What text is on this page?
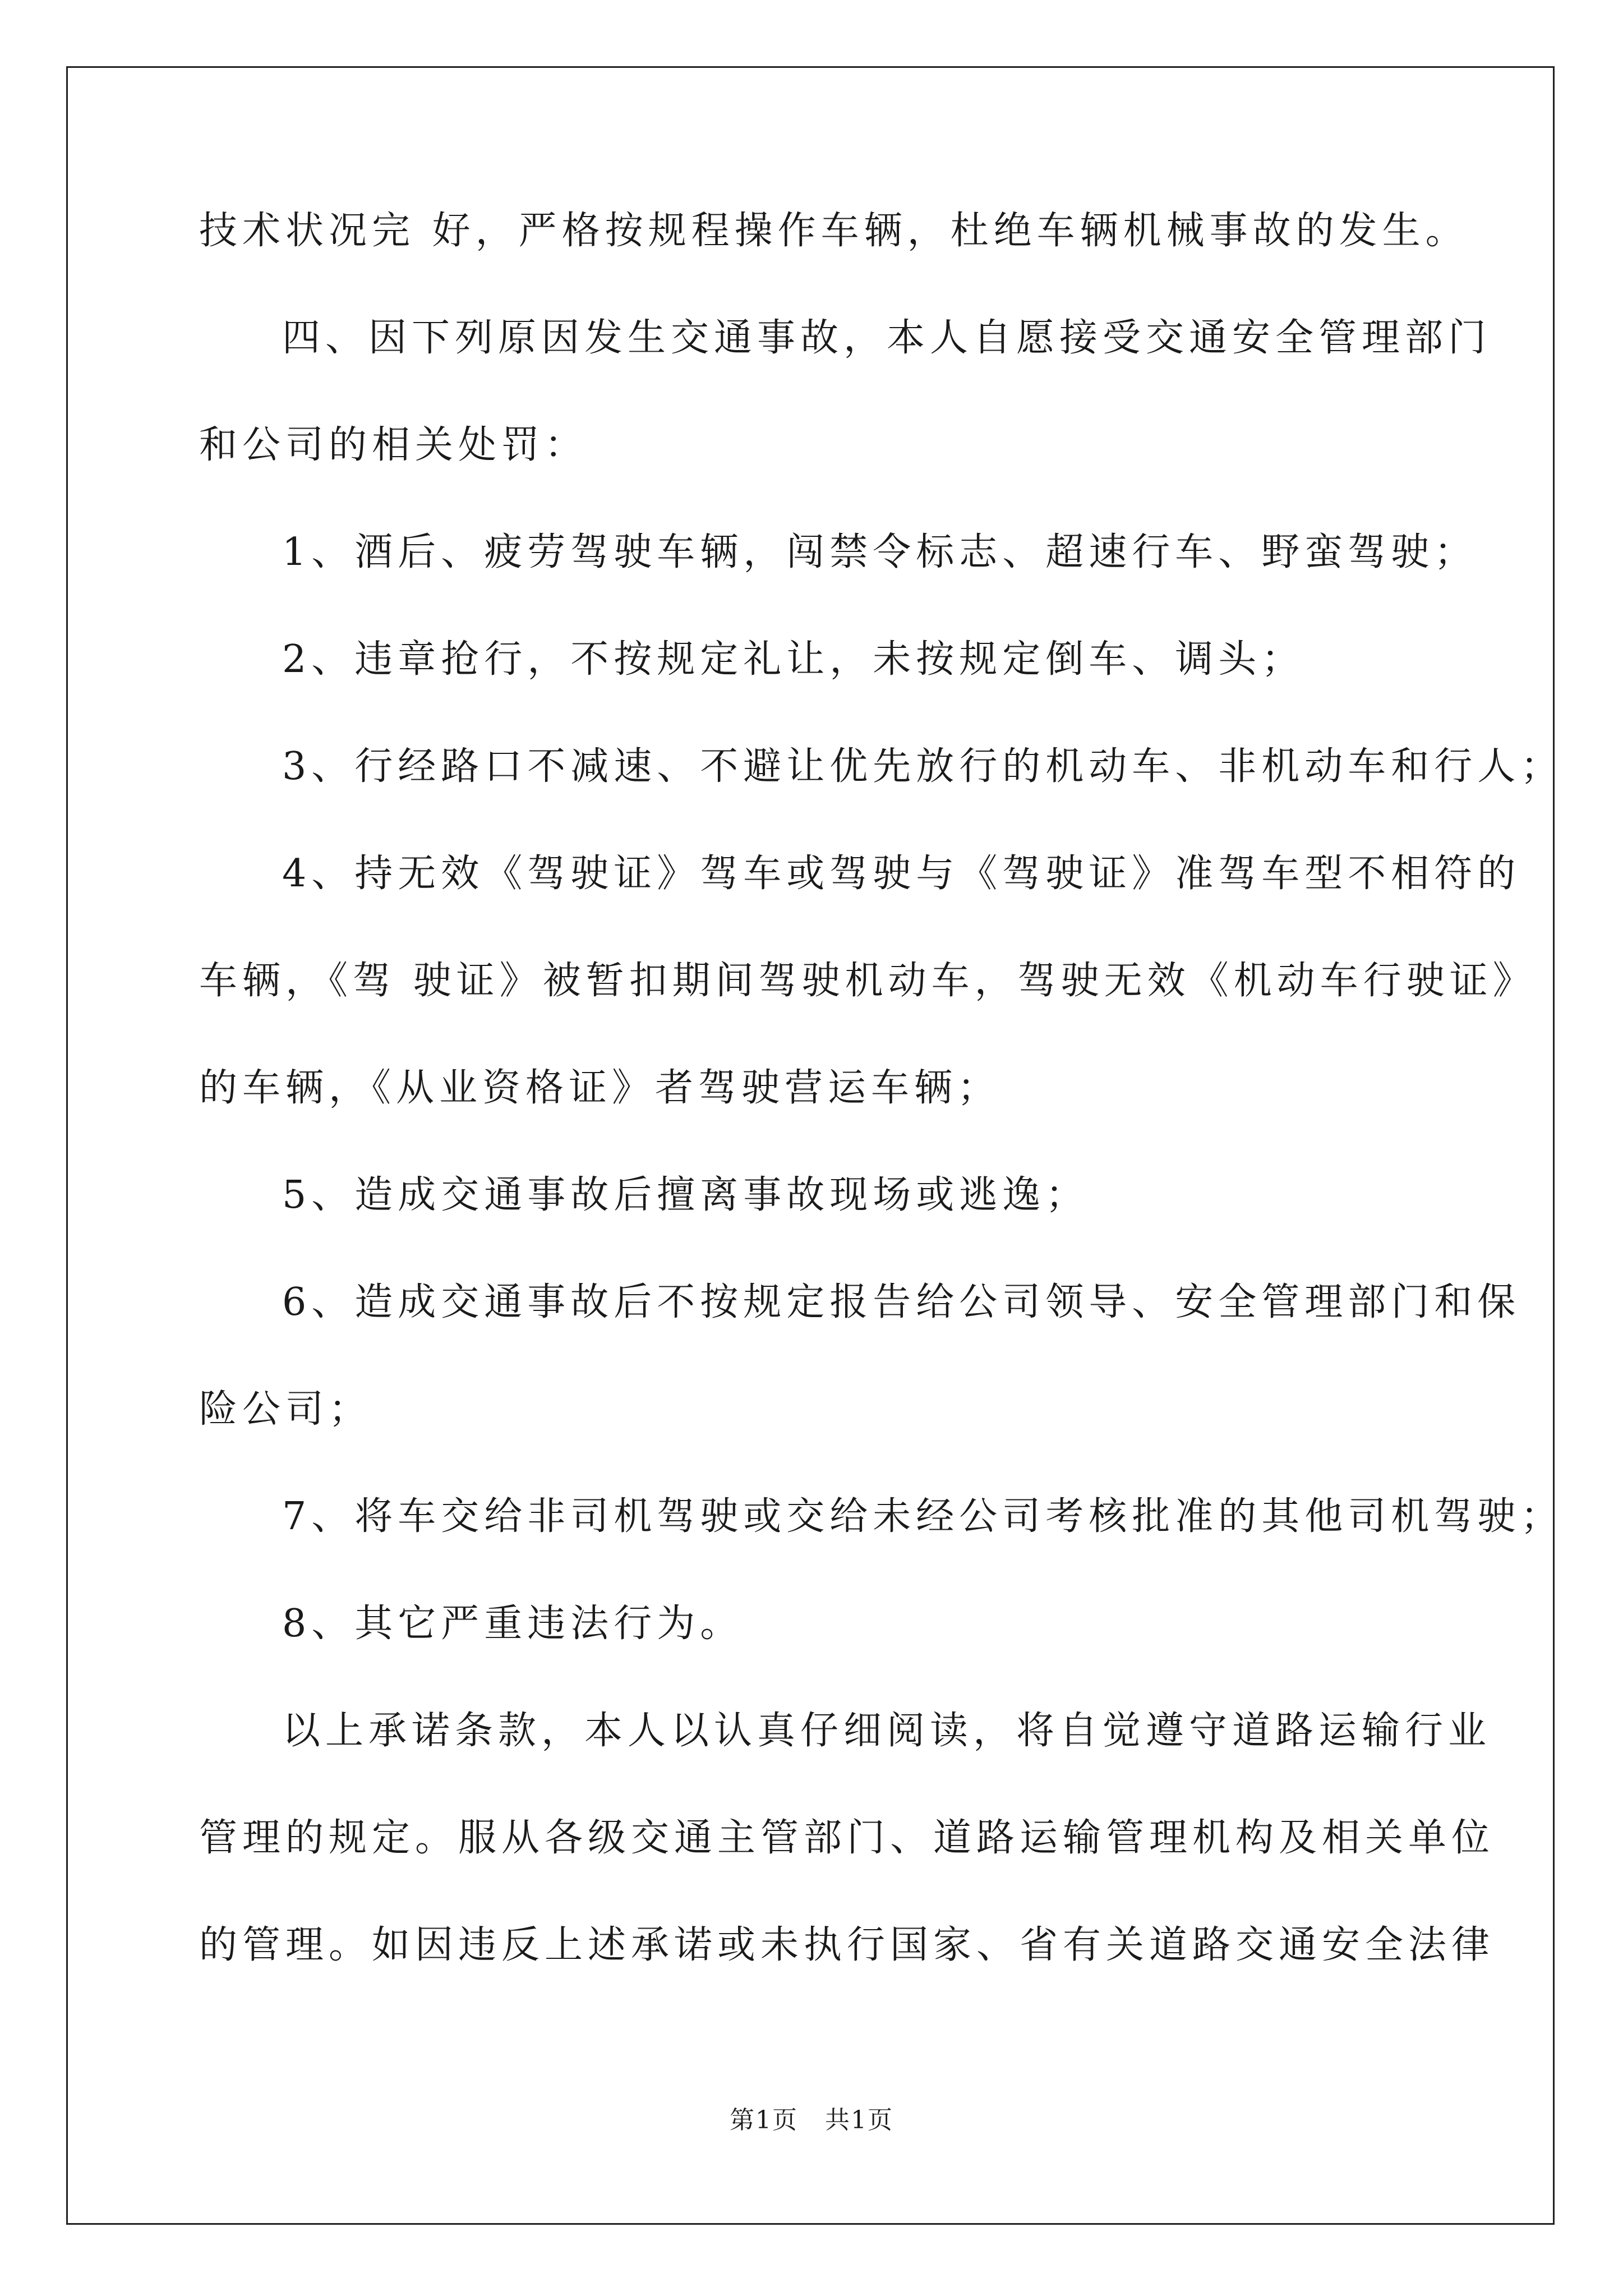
技术状况完 好，严格按规程操作车辆，杜绝车辆机械事故的发生。
四、因下列原因发生交通事故，本人自愿接受交通安全管理部门
和公司的相关处罚：
1、酒后、疲劳驾驶车辆，闯禁令标志、超速行车、野蛮驾驶；
2、违章抢行，不按规定礼让，未按规定倒车、调头；
3、行经路口不减速、不避让优先放行的机动车、非机动车和行人；
4、持无效《驾驶证》驾车或驾驶与《驾驶证》准驾车型不相符的
车辆，《驾 驶证》被暂扣期间驾驶机动车，驾驶无效《机动车行驶证》
的车辆，《从业资格证》者驾驶营运车辆；
5、造成交通事故后擅离事故现场或逃逸；
6、造成交通事故后不按规定报告给公司领导、安全管理部门和保
险公司；
7、将车交给非司机驾驶或交给未经公司考核批准的其他司机驾驶；
8、其它严重违法行为。
以上承诺条款，本人以认真仔细阅读，将自觉遵守道路运输行业
管理的规定。服从各级交通主管部门、道路运输管理机构及相关单位
的管理。如因违反上述承诺或未执行国家、省有关道路交通安全法律
第1页   共1页
